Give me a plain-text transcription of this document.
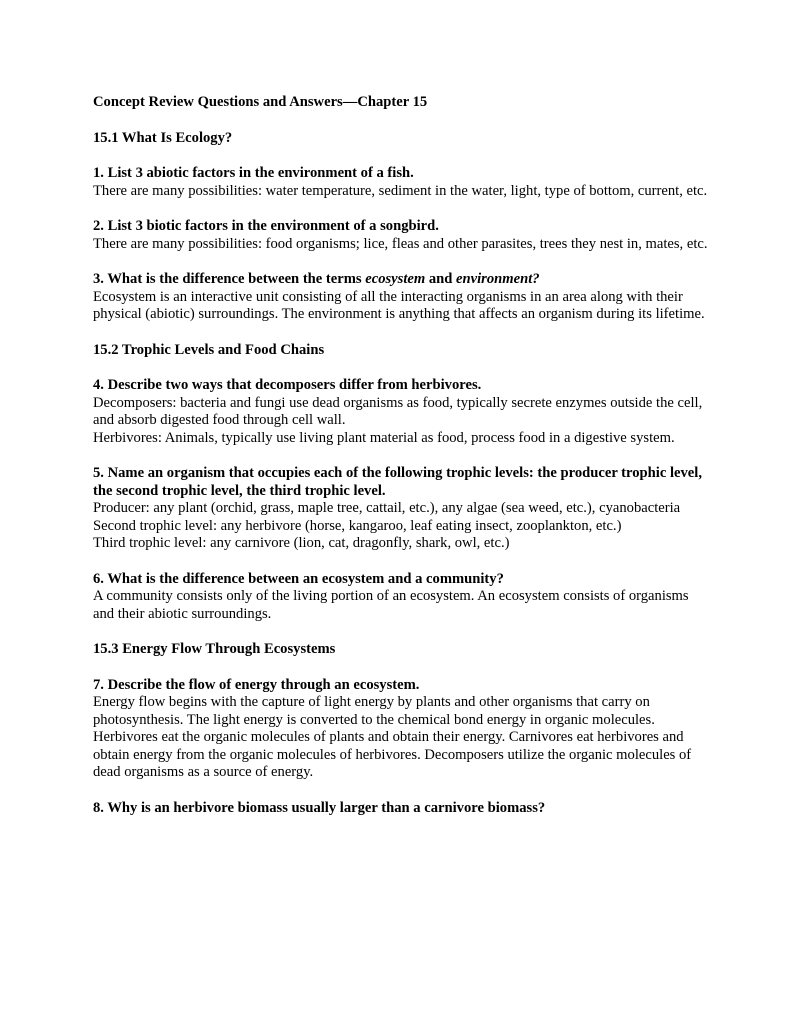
Concept Review Questions and Answers—Chapter 15
15.1 What Is Ecology?
1. List 3 abiotic factors in the environment of a fish.
There are many possibilities: water temperature, sediment in the water, light, type of bottom, current, etc.
2. List 3 biotic factors in the environment of a songbird.
There are many possibilities: food organisms; lice, fleas and other parasites, trees they nest in, mates, etc.
3. What is the difference between the terms ecosystem and environment?
Ecosystem is an interactive unit consisting of all the interacting organisms in an area along with their physical (abiotic) surroundings. The environment is anything that affects an organism during its lifetime.
15.2 Trophic Levels and Food Chains
4. Describe two ways that decomposers differ from herbivores.
Decomposers: bacteria and fungi use dead organisms as food, typically secrete enzymes outside the cell, and absorb digested food through cell wall.
Herbivores: Animals, typically use living plant material as food, process food in a digestive system.
5. Name an organism that occupies each of the following trophic levels: the producer trophic level, the second trophic level, the third trophic level.
Producer: any plant (orchid, grass, maple tree, cattail, etc.), any algae (sea weed, etc.), cyanobacteria
Second trophic level: any herbivore (horse, kangaroo, leaf eating insect, zooplankton, etc.)
Third trophic level: any carnivore (lion, cat, dragonfly, shark, owl, etc.)
6. What is the difference between an ecosystem and a community?
A community consists only of the living portion of an ecosystem. An ecosystem consists of organisms and their abiotic surroundings.
15.3 Energy Flow Through Ecosystems
7. Describe the flow of energy through an ecosystem.
Energy flow begins with the capture of light energy by plants and other organisms that carry on photosynthesis. The light energy is converted to the chemical bond energy in organic molecules. Herbivores eat the organic molecules of plants and obtain their energy. Carnivores eat herbivores and obtain energy from the organic molecules of herbivores. Decomposers utilize the organic molecules of dead organisms as a source of energy.
8. Why is an herbivore biomass usually larger than a carnivore biomass?
